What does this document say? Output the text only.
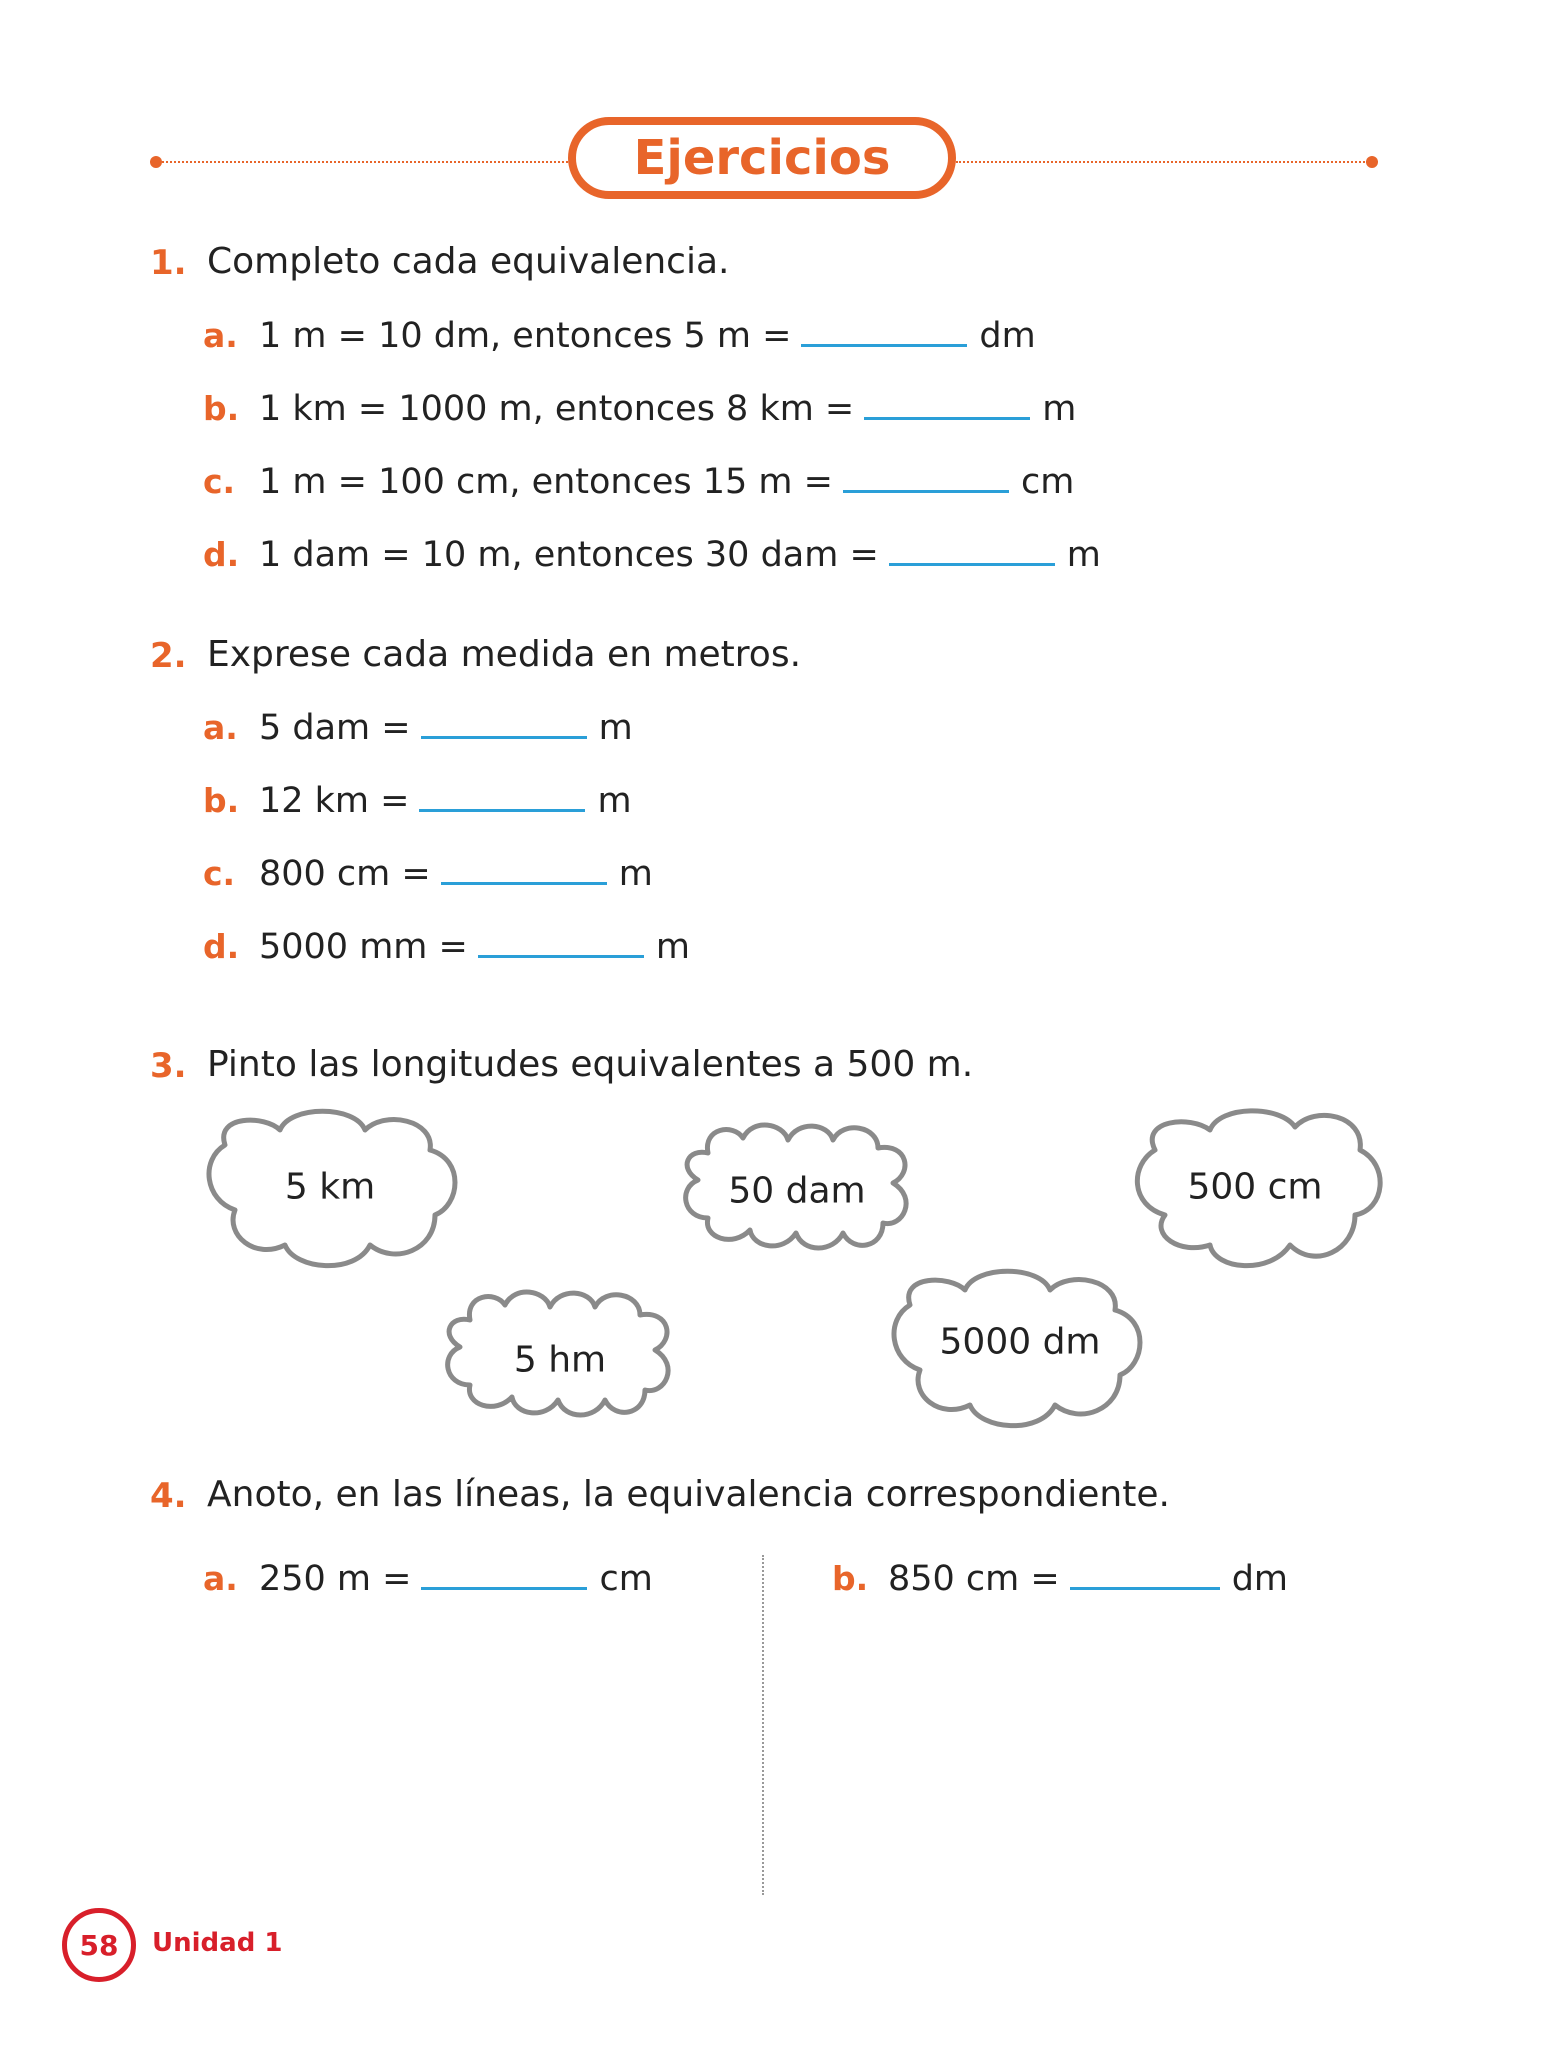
Ejercicios
1. Completo cada equivalencia.
a. 1 m = 10 dm, entonces 5 m =	dm
b. 1 km = 1000 m, entonces 8 km =	m
c. 1 m = 100 cm, entonces 15 m =	cm
d. 1 dam = 10 m, entonces 30 dam =	m
2. Exprese cada medida en metros.
a. 5 dam =	m
b. 12 km =	m
c. 800 cm =	m
d. 5000 mm =	m
3. Pinto las longitudes equivalentes a 500 m.
5 km	50 dam	500 cm
5 hm	5000 dm
4. Anoto, en las líneas, la equivalencia correspondiente.
a. 250 m =	cm	b. 850 cm =	dm
58	Unidad 1
